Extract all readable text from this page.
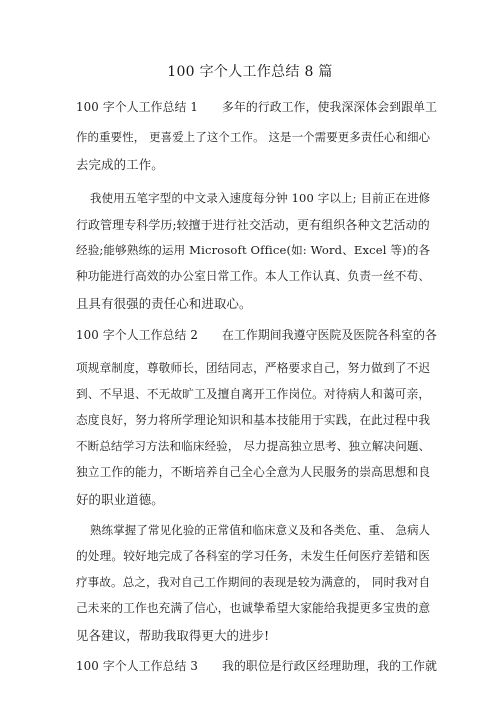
100 字个人工作总结 8 篇
100 字个人工作总结 1 多年的行政工作，使我深深体会到跟单工
作的重要性， 更喜爱上了这个工作。 这是一个需要更多责任心和细心
去完成的工作。
我使用五笔字型的中文录入速度每分钟 100 字以上; 目前正在进修
行政管理专科学历;较擅于进行社交活动，更有组织各种文艺活动的
经验;能够熟练的运用 Microsoft Office(如: Word、Excel 等)的各
种功能进行高效的办公室日常工作。本人工作认真、负责一丝不苟、
且具有很强的责任心和进取心。
100 字个人工作总结 2 在工作期间我遵守医院及医院各科室的各
项规章制度，尊敬师长，团结同志，严格要求自己，努力做到了不迟
到、不早退、不无故旷工及擅自离开工作岗位。对待病人和蔼可亲，
态度良好，努力将所学理论知识和基本技能用于实践，在此过程中我
不断总结学习方法和临床经验， 尽力提高独立思考、独立解决问题、
独立工作的能力，不断培养自己全心全意为人民服务的崇高思想和良
好的职业道德。
熟练掌握了常见化验的正常值和临床意义及和各类危、重、 急病人
的处理。较好地完成了各科室的学习任务，未发生任何医疗差错和医
疗事故。总之，我对自己工作期间的表现是较为满意的， 同时我对自
己未来的工作也充满了信心，也诚挚希望大家能给我提更多宝贵的意
见各建议，帮助我取得更大的进步!
100 字个人工作总结 3 我的职位是行政区经理助理，我的工作就
